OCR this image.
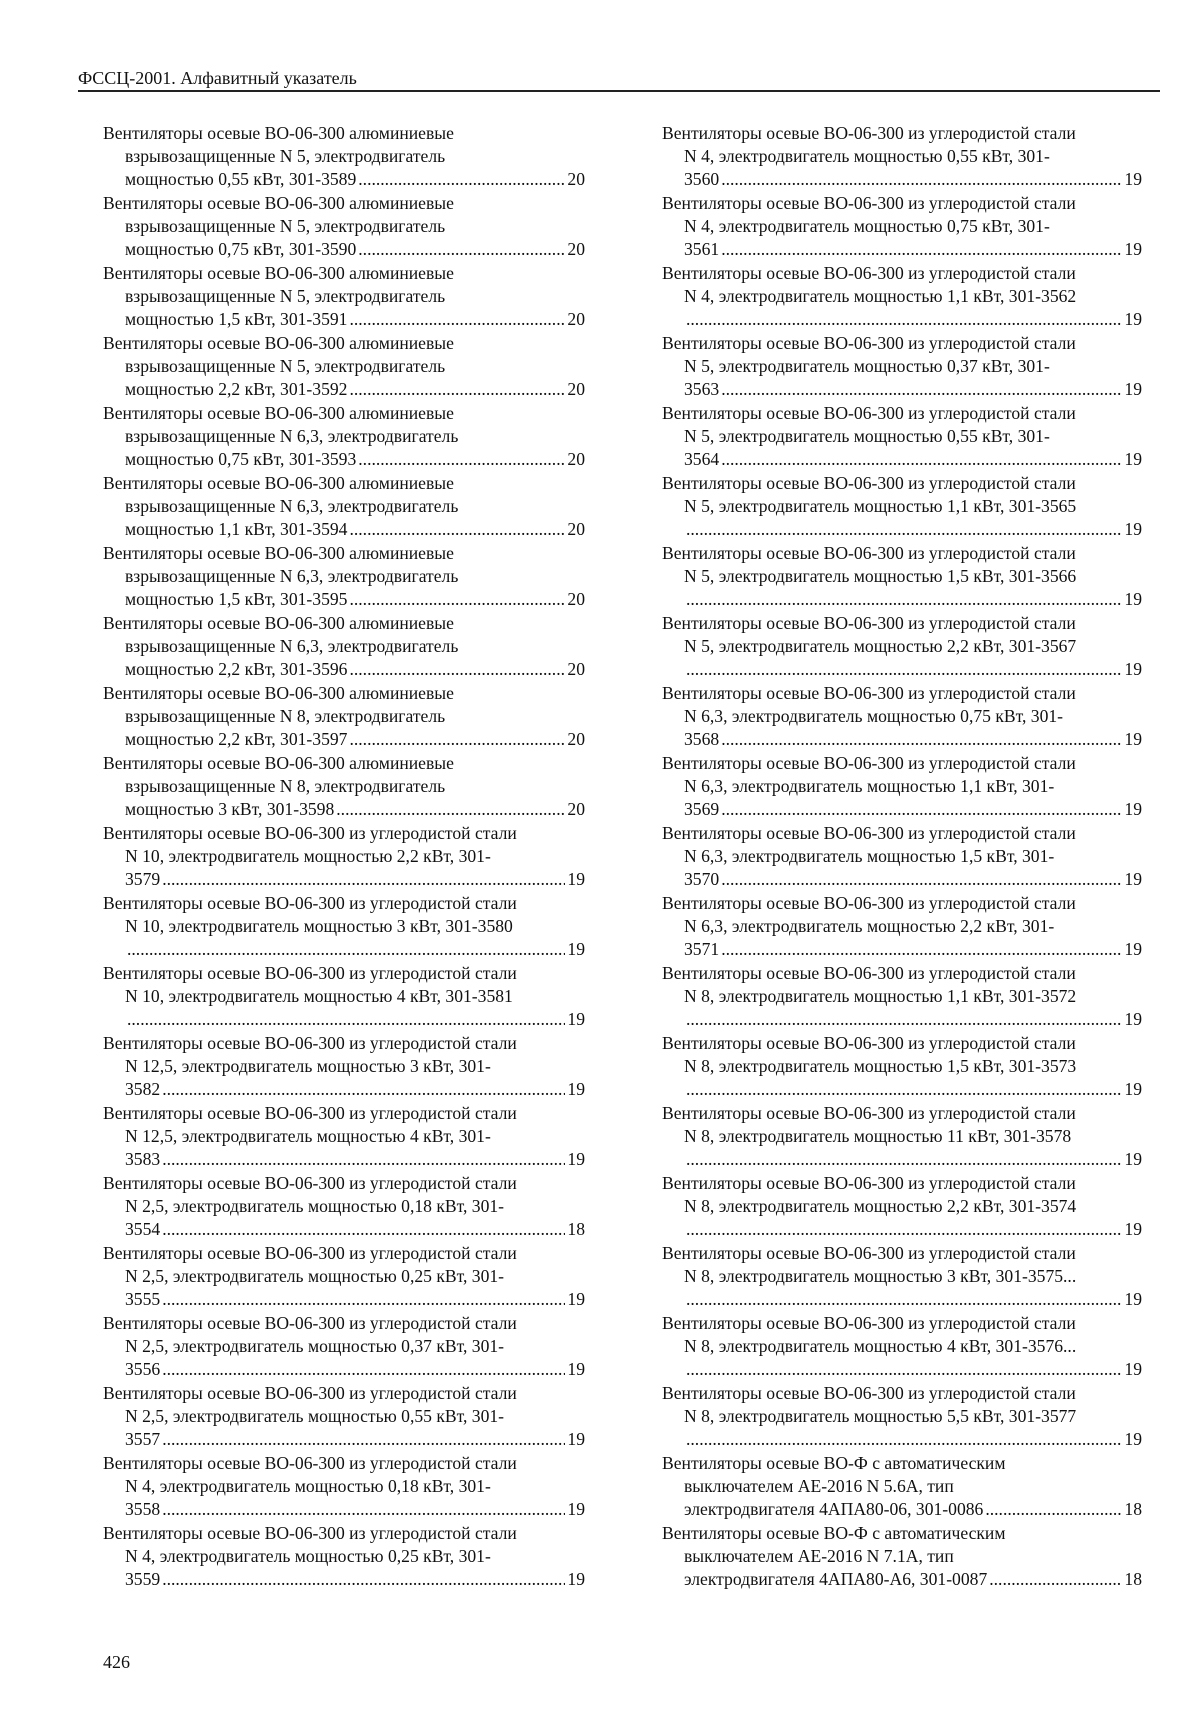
ФССЦ-2001. Алфавитный указатель
Вентиляторы осевые ВО-06-300 алюминиевые
взрывозащищенные N 5, электродвигатель
мощностью 0,55 кВт, 301-3589 .....	20
Вентиляторы осевые ВО-06-300 алюминиевые
взрывозащищенные N 5, электродвигатель
мощностью 0,75 кВт, 301-3590 .....	20
Вентиляторы осевые ВО-06-300 алюминиевые
взрывозащищенные N 5, электродвигатель
мощностью 1,5 кВт, 301-3591 .....	20
Вентиляторы осевые ВО-06-300 алюминиевые
взрывозащищенные N 5, электродвигатель
мощностью 2,2 кВт, 301-3592 .....	20
Вентиляторы осевые ВО-06-300 алюминиевые
взрывозащищенные N 6,3, электродвигатель
мощностью 0,75 кВт, 301-3593 .....	20
Вентиляторы осевые ВО-06-300 алюминиевые
взрывозащищенные N 6,3, электродвигатель
мощностью 1,1 кВт, 301-3594 .....	20
Вентиляторы осевые ВО-06-300 алюминиевые
взрывозащищенные N 6,3, электродвигатель
мощностью 1,5 кВт, 301-3595 .....	20
Вентиляторы осевые ВО-06-300 алюминиевые
взрывозащищенные N 6,3, электродвигатель
мощностью 2,2 кВт, 301-3596 .....	20
Вентиляторы осевые ВО-06-300 алюминиевые
взрывозащищенные N 8, электродвигатель
мощностью 2,2 кВт, 301-3597 .....	20
Вентиляторы осевые ВО-06-300 алюминиевые
взрывозащищенные N 8, электродвигатель
мощностью 3 кВт, 301-3598 .....	20
Вентиляторы осевые ВО-06-300 из углеродистой стали
N 10, электродвигатель мощностью 2,2 кВт, 301-
3579 .....	19
Вентиляторы осевые ВО-06-300 из углеродистой стали
N 10, электродвигатель мощностью 3 кВт, 301-3580
.....
19
Вентиляторы осевые ВО-06-300 из углеродистой стали
N 10, электродвигатель мощностью 4 кВт, 301-3581
.....
19
Вентиляторы осевые ВО-06-300 из углеродистой стали
N 12,5, электродвигатель мощностью 3 кВт, 301-
3582 .....	19
Вентиляторы осевые ВО-06-300 из углеродистой стали
N 12,5, электродвигатель мощностью 4 кВт, 301-
3583 .....	19
Вентиляторы осевые ВО-06-300 из углеродистой стали
N 2,5, электродвигатель мощностью 0,18 кВт, 301-
3554 .....	18
Вентиляторы осевые ВО-06-300 из углеродистой стали
N 2,5, электродвигатель мощностью 0,25 кВт, 301-
3555 .....	19
Вентиляторы осевые ВО-06-300 из углеродистой стали
N 2,5, электродвигатель мощностью 0,37 кВт, 301-
3556 .....	19
Вентиляторы осевые ВО-06-300 из углеродистой стали
N 2,5, электродвигатель мощностью 0,55 кВт, 301-
3557 .....	19
Вентиляторы осевые ВО-06-300 из углеродистой стали
N 4, электродвигатель мощностью 0,18 кВт, 301-
3558 .....	19
Вентиляторы осевые ВО-06-300 из углеродистой стали
N 4, электродвигатель мощностью 0,25 кВт, 301-
3559 .....	19
Вентиляторы осевые ВО-06-300 из углеродистой стали
N 4, электродвигатель мощностью 0,55 кВт, 301-
3560 .....	19
Вентиляторы осевые ВО-06-300 из углеродистой стали
N 4, электродвигатель мощностью 0,75 кВт, 301-
3561 .....	19
Вентиляторы осевые ВО-06-300 из углеродистой стали
N 4, электродвигатель мощностью 1,1 кВт, 301-3562
.....
19
Вентиляторы осевые ВО-06-300 из углеродистой стали
N 5, электродвигатель мощностью 0,37 кВт, 301-
3563 .....	19
Вентиляторы осевые ВО-06-300 из углеродистой стали
N 5, электродвигатель мощностью 0,55 кВт, 301-
3564 .....	19
Вентиляторы осевые ВО-06-300 из углеродистой стали
N 5, электродвигатель мощностью 1,1 кВт, 301-3565
.....
19
Вентиляторы осевые ВО-06-300 из углеродистой стали
N 5, электродвигатель мощностью 1,5 кВт, 301-3566
.....
19
Вентиляторы осевые ВО-06-300 из углеродистой стали
N 5, электродвигатель мощностью 2,2 кВт, 301-3567
.....
19
Вентиляторы осевые ВО-06-300 из углеродистой стали
N 6,3, электродвигатель мощностью 0,75 кВт, 301-
3568 .....	19
Вентиляторы осевые ВО-06-300 из углеродистой стали
N 6,3, электродвигатель мощностью 1,1 кВт, 301-
3569 .....	19
Вентиляторы осевые ВО-06-300 из углеродистой стали
N 6,3, электродвигатель мощностью 1,5 кВт, 301-
3570 .....	19
Вентиляторы осевые ВО-06-300 из углеродистой стали
N 6,3, электродвигатель мощностью 2,2 кВт, 301-
3571 .....	19
Вентиляторы осевые ВО-06-300 из углеродистой стали
N 8, электродвигатель мощностью 1,1 кВт, 301-3572
.....
19
Вентиляторы осевые ВО-06-300 из углеродистой стали
N 8, электродвигатель мощностью 1,5 кВт, 301-3573
.....
19
Вентиляторы осевые ВО-06-300 из углеродистой стали
N 8, электродвигатель мощностью 11 кВт, 301-3578
.....
19
Вентиляторы осевые ВО-06-300 из углеродистой стали
N 8, электродвигатель мощностью 2,2 кВт, 301-3574
.....
19
Вентиляторы осевые ВО-06-300 из углеродистой стали
N 8, электродвигатель мощностью 3 кВт, 301-3575...
.....
19
Вентиляторы осевые ВО-06-300 из углеродистой стали
N 8, электродвигатель мощностью 4 кВт, 301-3576...
.....
19
Вентиляторы осевые ВО-06-300 из углеродистой стали
N 8, электродвигатель мощностью 5,5 кВт, 301-3577
.....
19
Вентиляторы осевые ВО-Ф с автоматическим
выключателем АЕ-2016 N 5.6А, тип
электродвигателя 4АПА80-06, 301-0086 .....	18
Вентиляторы осевые ВО-Ф с автоматическим
выключателем АЕ-2016 N 7.1А, тип
электродвигателя 4АПА80-А6, 301-0087 .....	18
426
